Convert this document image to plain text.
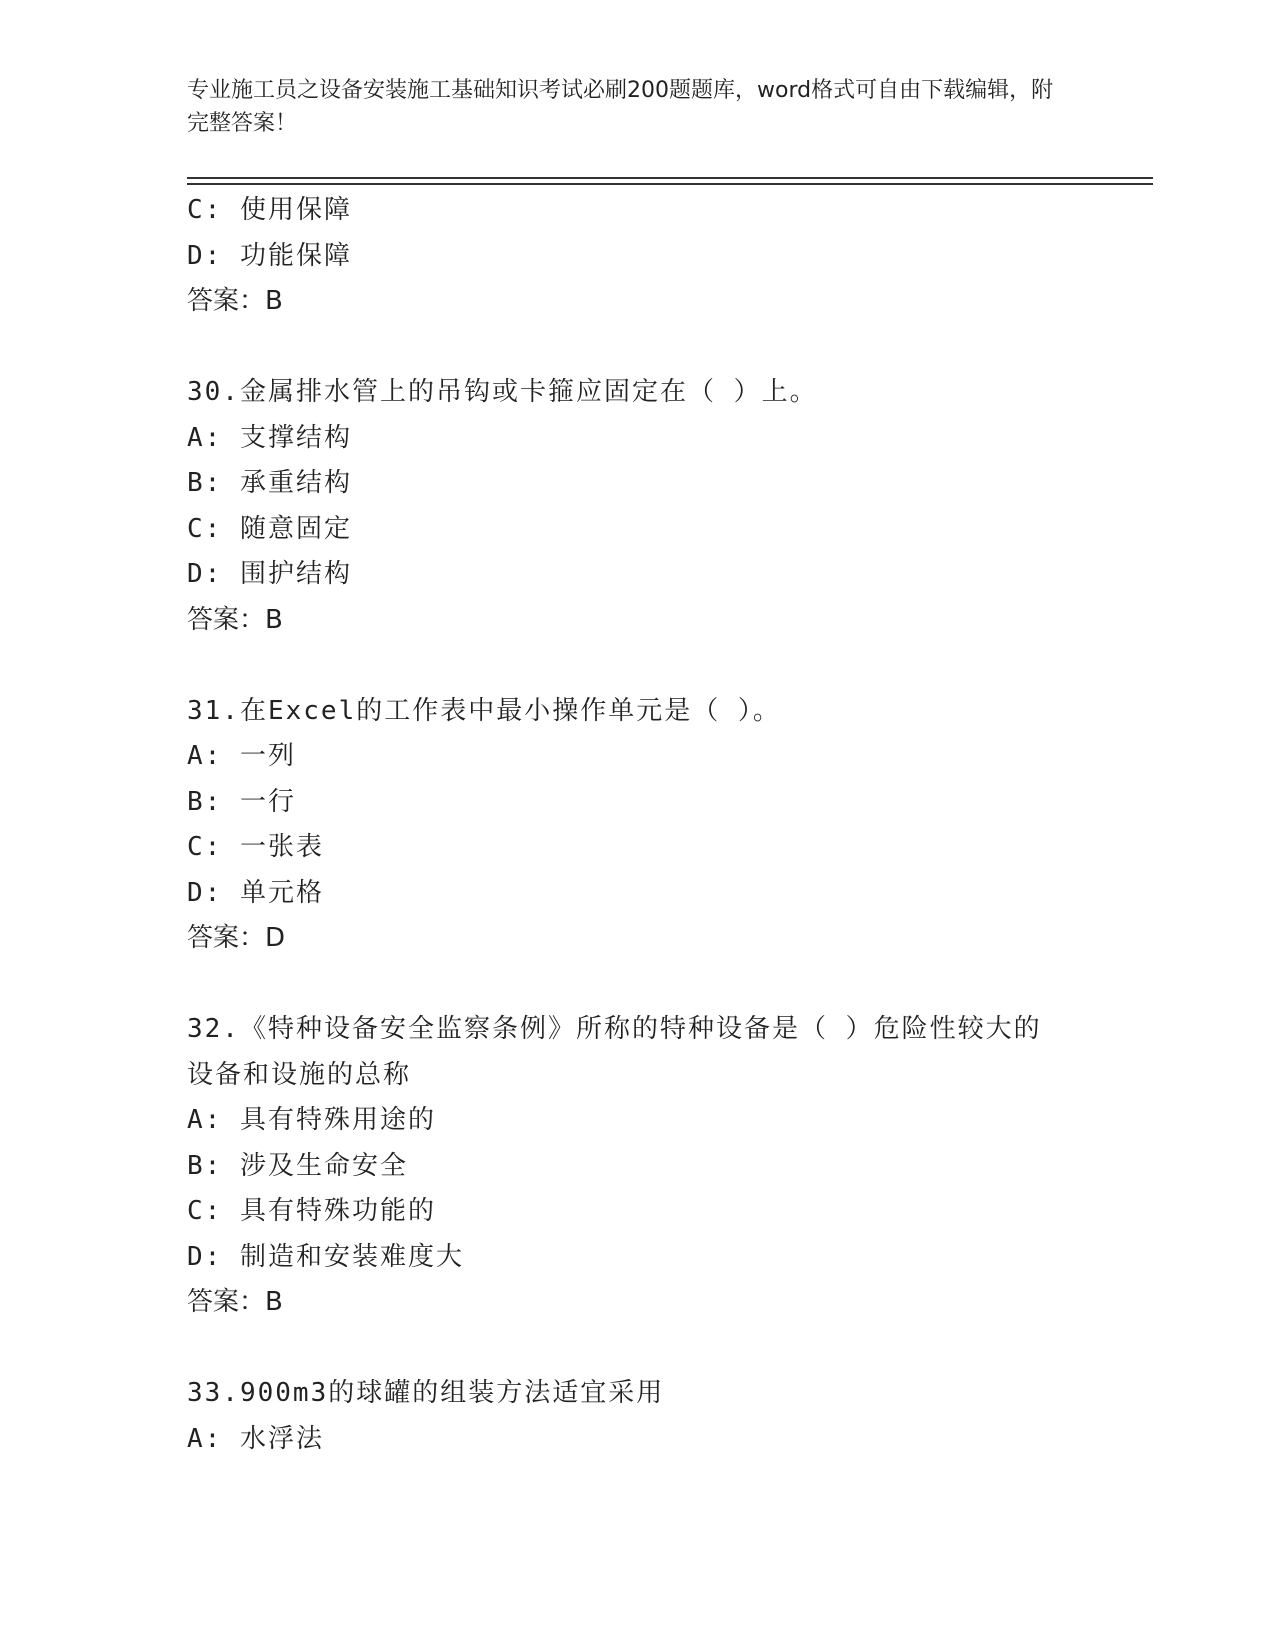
专业施工员之设备安装施工基础知识考试必刷200题题库，word格式可自由下载编辑，附完整答案！
C: 使用保障
D: 功能保障
答案：B
30.金属排水管上的吊钩或卡箍应固定在（ ）上。
A: 支撑结构
B: 承重结构
C: 随意固定
D: 围护结构
答案：B
31.在Excel的工作表中最小操作单元是（ ）。
A: 一列
B: 一行
C: 一张表
D: 单元格
答案：D
32.《特种设备安全监察条例》所称的特种设备是（ ）危险性较大的
设备和设施的总称
A: 具有特殊用途的
B: 涉及生命安全
C: 具有特殊功能的
D: 制造和安装难度大
答案：B
33.900m3的球罐的组装方法适宜采用
A: 水浮法
